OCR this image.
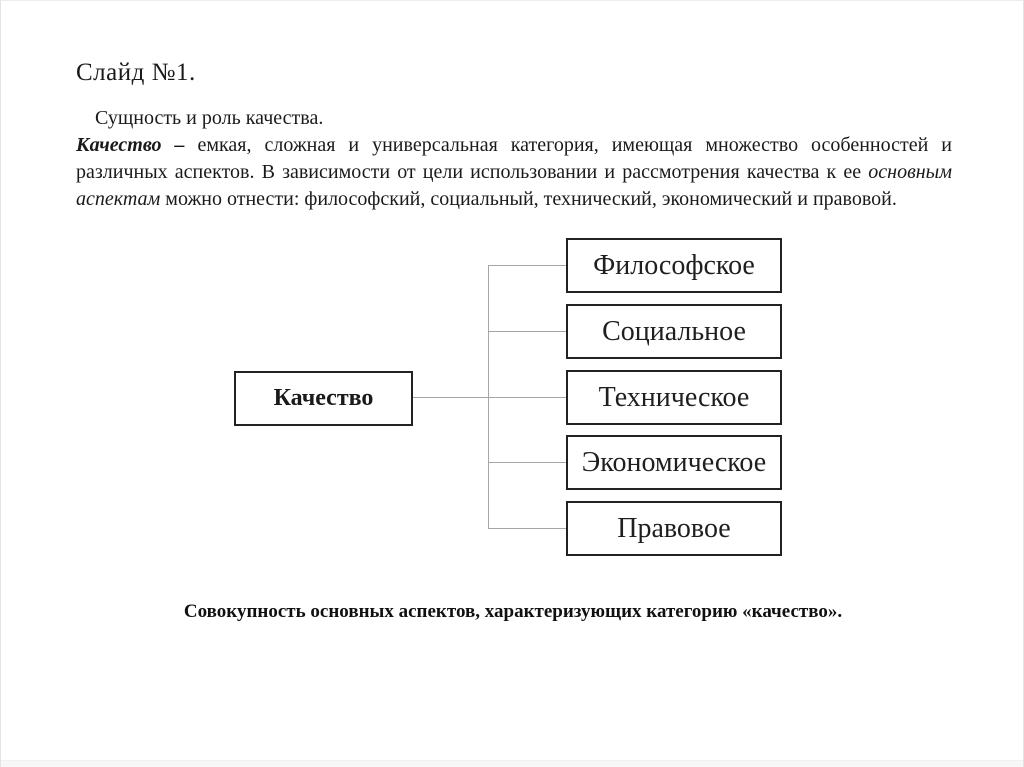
Слайд №1.
Сущность и роль качества.
Качество – емкая, сложная и универсальная категория, имеющая множество особенностей и
различных аспектов. В зависимости от цели использовании и рассмотрения качества к ее основным
аспектам можно отнести: философский, социальный, технический, экономический и правовой.
Качество
Философское
Социальное
Техническое
Экономическое
Правовое
Совокупность основных аспектов, характеризующих категорию «качество».
